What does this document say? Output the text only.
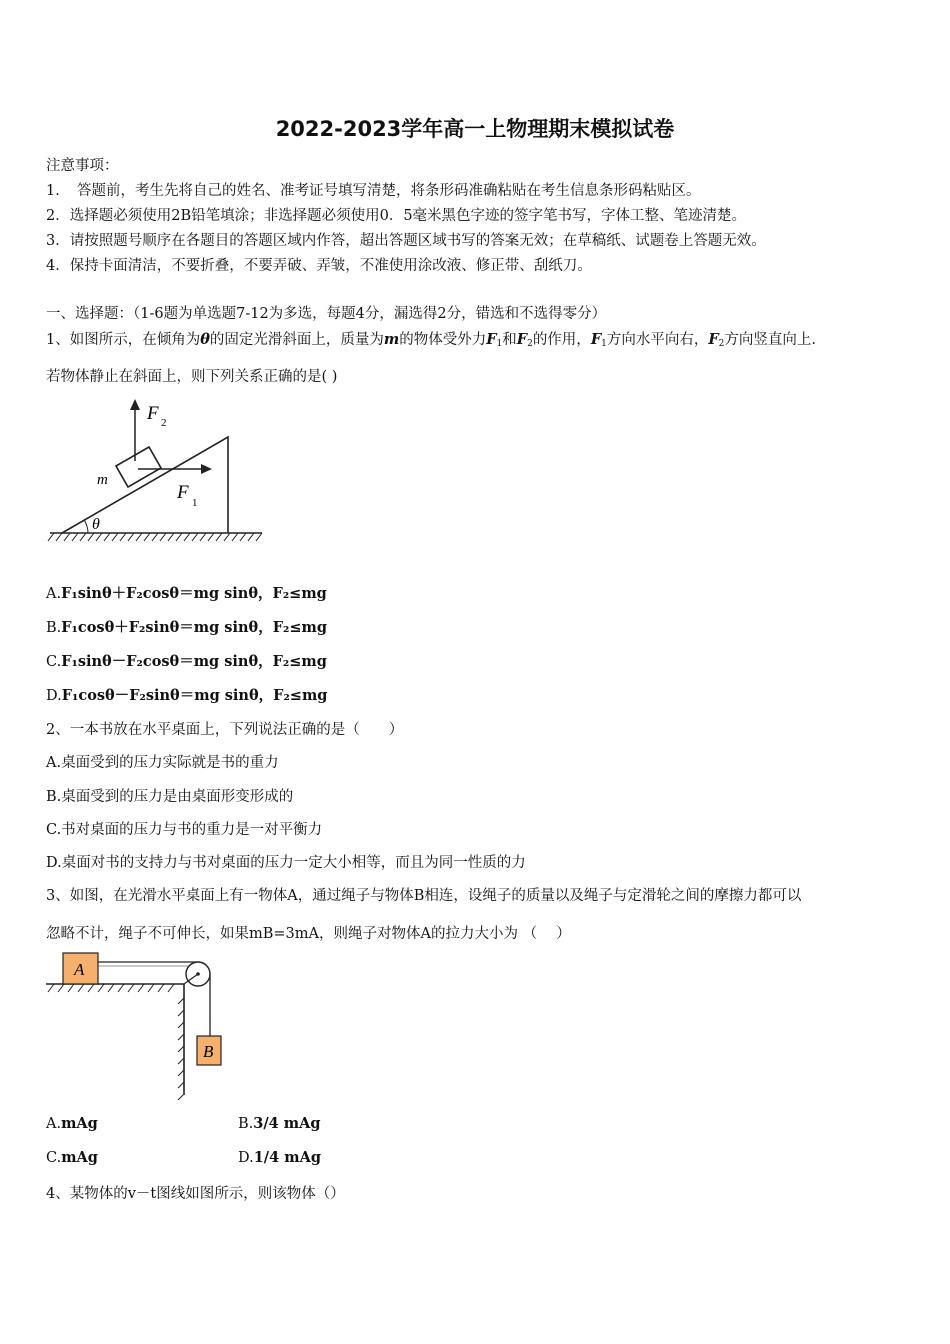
2022-2023学年高一上物理期末模拟试卷
注意事项：
1．　答题前，考生先将自己的姓名、准考证号填写清楚，将条形码准确粘贴在考生信息条形码粘贴区。
2．选择题必须使用2B铅笔填涂；非选择题必须使用0．5毫米黑色字迹的签字笔书写，字体工整、笔迹清楚。
3．请按照题号顺序在各题目的答题区域内作答，超出答题区域书写的答案无效；在草稿纸、试题卷上答题无效。
4．保持卡面清洁，不要折叠，不要弄破、弄皱，不准使用涂改液、修正带、刮纸刀。
一、选择题：（1-6题为单选题7-12为多选，每题4分，漏选得2分，错选和不选得零分）
1、如图所示，在倾角为θ的固定光滑斜面上，质量为m的物体受外力$F_1$和$F_2$的作用，$F_1$方向水平向右，$F_2$方向竖直向上.
若物体静止在斜面上，则下列关系正确的是( )
θ
m
F 2
F 1
A.F₁sinθ＋F₂cosθ＝mg sinθ，F₂≤mg
B.F₁cosθ＋F₂sinθ＝mg sinθ，F₂≤mg
C.F₁sinθ－F₂cosθ＝mg sinθ，F₂≤mg
D.F₁cosθ－F₂sinθ＝mg sinθ，F₂≤mg
2、一本书放在水平桌面上，下列说法正确的是（　　）
A.桌面受到的压力实际就是书的重力
B.桌面受到的压力是由桌面形变形成的
C.书对桌面的压力与书的重力是一对平衡力
D.桌面对书的支持力与书对桌面的压力一定大小相等，而且为同一性质的力
3、如图，在光滑水平桌面上有一物体A，通过绳子与物体B相连，设绳子的质量以及绳子与定滑轮之间的摩擦力都可以
忽略不计，绳子不可伸长，如果mB=3mA，则绳子对物体A的拉力大小为 （　 ）
A
B
A.mAg	B.3/4 mAg
C.mAg	D.1/4 mAg
4、某物体的v－t图线如图所示，则该物体（）
